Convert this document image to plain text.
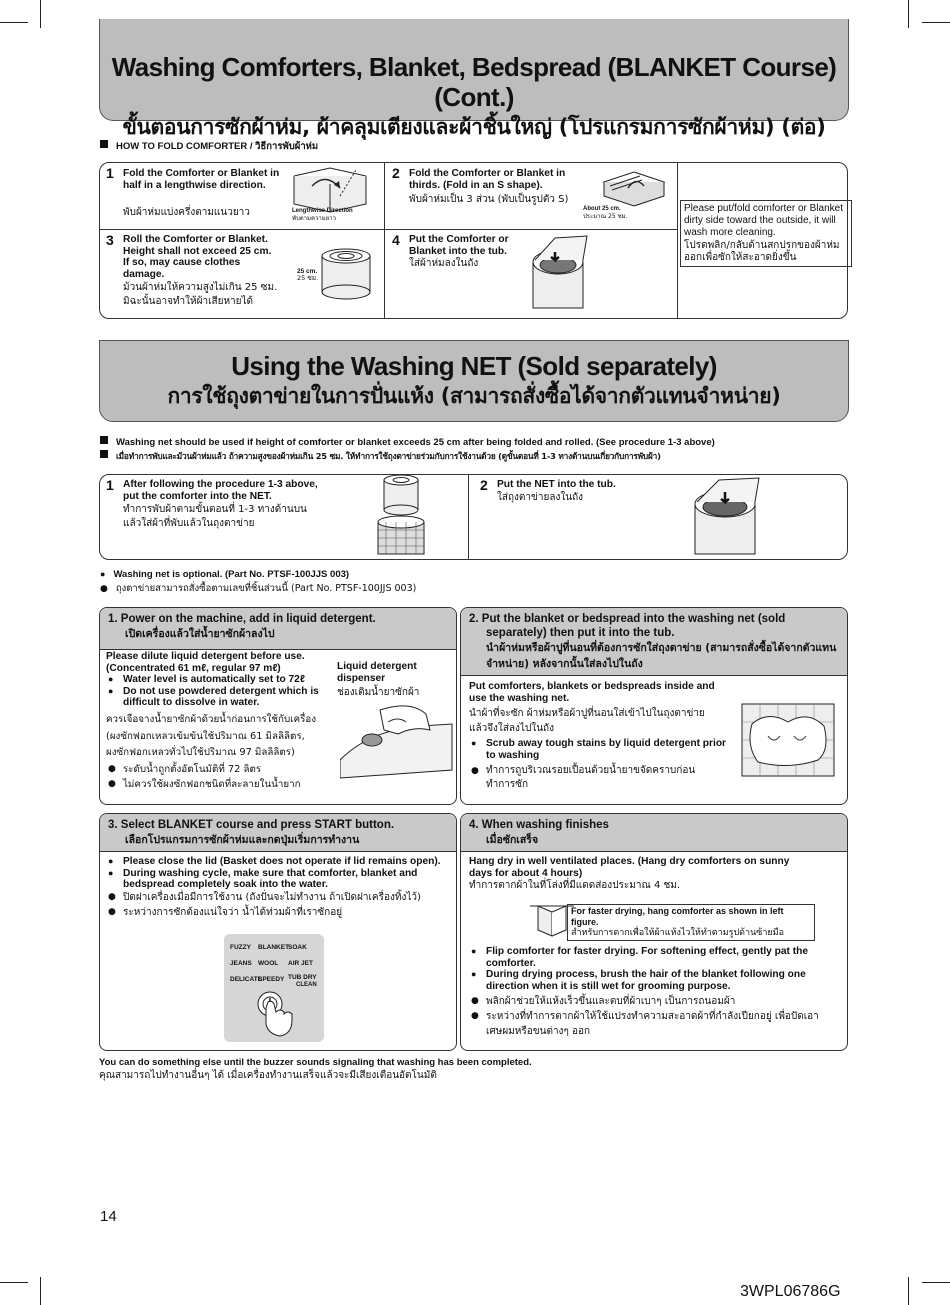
Washing Comforters, Blanket, Bedspread (BLANKET Course) (Cont.)
ขั้นตอนการซักผ้าห่ม, ผ้าคลุมเตียงและผ้าชิ้นใหญ่ (โปรแกรมการซักผ้าห่ม) (ต่อ)
HOW TO FOLD COMFORTER / วิธีการพับผ้าห่ม
1 Fold the Comforter or Blanket in half in a lengthwise direction.
พับผ้าห่มแบ่งครึ่งตามแนวยาว	Lengthwise Direction
พับตามความยาว
2 Fold the Comforter or Blanket in thirds. (Fold in an S shape).
พับผ้าห่มเป็น 3 ส่วน (พับเป็นรูปตัว S)
About 25 cm.
ประมาณ 25 ซม.
3 Roll the Comforter or Blanket. Height shall not exceed 25 cm. If so, may cause clothes damage.
ม้วนผ้าห่มให้ความสูงไม่เกิน 25 ซม.
มิฉะนั้นอาจทำให้ผ้าเสียหายได้
25 cm.
25 ซม.
4 Put the Comforter or Blanket into the tub.
ใส่ผ้าห่มลงในถัง
Please put/fold comforter or Blanket dirty side toward the outside, it will wash more cleaning.
โปรดพลิก/กลับด้านสกปรกของผ้าห่มออกเพื่อซักให้สะอาดยิ่งขึ้น
Using the Washing NET (Sold separately)
การใช้ถุงตาข่ายในการปั่นแห้ง (สามารถสั่งซื้อได้จากตัวแทนจำหน่าย)
Washing net should be used if height of comforter or blanket exceeds 25 cm after being folded and rolled. (See procedure 1-3 above)
เมื่อทำการพับและม้วนผ้าห่มแล้ว ถ้าความสูงของผ้าห่มเกิน 25 ซม. ให้ทำการใช้ถุงตาข่ายร่วมกับการใช้งานด้วย (ดูขั้นตอนที่ 1-3 ทางด้านบนเกี่ยวกับการพับผ้า)
1 After following the procedure 1-3 above, put the comforter into the NET.
ทำการพับผ้าตามขั้นตอนที่ 1-3 ทางด้านบน
แล้วใส่ผ้าที่พับแล้วในถุงตาข่าย
2 Put the NET into the tub.
ใส่ถุงตาข่ายลงในถัง
● Washing net is optional. (Part No. PTSF-100JJS 003)
● ถุงตาข่ายสามารถสั่งซื้อตามเลขที่ชิ้นส่วนนี้ (Part No. PTSF-100JJS 003)
1. Power on the machine, add in liquid detergent.
เปิดเครื่องแล้วใส่น้ำยาซักผ้าลงไป
Please dilute liquid detergent before use. (Concentrated 61 mℓ, regular 97 mℓ)
● Water level is automatically set to 72ℓ
● Do not use powdered detergent which is difficult to dissolve in water.
ควรเจือจางน้ำยาซักผ้าด้วยน้ำก่อนการใช้กับเครื่อง
(ผงซักฟอกเหลวเข้มข้นใช้ปริมาณ 61 มิลลิลิตร,
ผงซักฟอกเหลวทั่วไปใช้ปริมาณ 97 มิลลิลิตร)
● ระดับน้ำถูกตั้งอัตโนมัติที่ 72 ลิตร
● ไม่ควรใช้ผงซักฟอกชนิดที่ละลายในน้ำยาก
Liquid detergent dispenser
ช่องเติมน้ำยาซักผ้า
2. Put the blanket or bedspread into the washing net (sold separately) then put it into the tub.
นำผ้าห่มหรือผ้าปูที่นอนที่ต้องการซักใส่ถุงตาข่าย (สามารถสั่งซื้อได้จากตัวแทนจำหน่าย) หลังจากนั้นใส่ลงไปในถัง
Put comforters, blankets or bedspreads inside and use the washing net.
นำผ้าที่จะซัก ผ้าห่มหรือผ้าปูที่นอนใส่เข้าไปในถุงตาข่าย
แล้วจึงใส่ลงไปในถัง
● Scrub away tough stains by liquid detergent prior to washing
● ทำการถูบริเวณรอยเปื้อนด้วยน้ำยาขจัดคราบก่อนทำการซัก
3. Select BLANKET course and press START button.
เลือกโปรแกรมการซักผ้าห่มและกดปุ่มเริ่มการทำงาน
● Please close the lid (Basket does not operate if lid remains open).
● During washing cycle, make sure that comforter, blanket and bedspread completely soak into the water.
● ปิดฝาเครื่องเมื่อมีการใช้งาน (ถังปั่นจะไม่ทำงาน ถ้าเปิดฝาเครื่องทิ้งไว้)
● ระหว่างการซักต้องแน่ใจว่า น้ำได้ท่วมผ้าที่เราซักอยู่
FUZZY BLANKET
SOAK
JEANS WOOL AIR JET
DELICATE
SPEEDY TUB DRY
CLEAN
4. When washing finishes
เมื่อซักเสร็จ
Hang dry in well ventilated places. (Hang dry comforters on sunny days for about 4 hours)
ทำการตากผ้าในที่โล่งที่มีแดดส่องประมาณ 4 ชม.
For faster drying, hang comforter as shown in left figure.
สำหรับการตากเพื่อให้ผ้าแห้งไวให้ทำตามรูปด้านซ้ายมือ
● Flip comforter for faster drying. For softening effect, gently pat the comforter.
● During drying process, brush the hair of the blanket following one direction when it is still wet for grooming purpose.
● พลิกผ้าช่วยให้แห้งเร็วขึ้นและตบที่ผ้าเบาๆ เป็นการถนอมผ้า
● ระหว่างที่ทำการตากผ้าให้ใช้แปรงทำความสะอาดผ้าที่กำลังเปียกอยู่ เพื่อปัดเอาเศษผมหรือขนต่างๆ ออก
You can do something else until the buzzer sounds signaling that washing has been completed.
คุณสามารถไปทำงานอื่นๆ ได้ เมื่อเครื่องทำงานเสร็จแล้วจะมีเสียงเตือนอัตโนมัติ
14
3WPL06786G
